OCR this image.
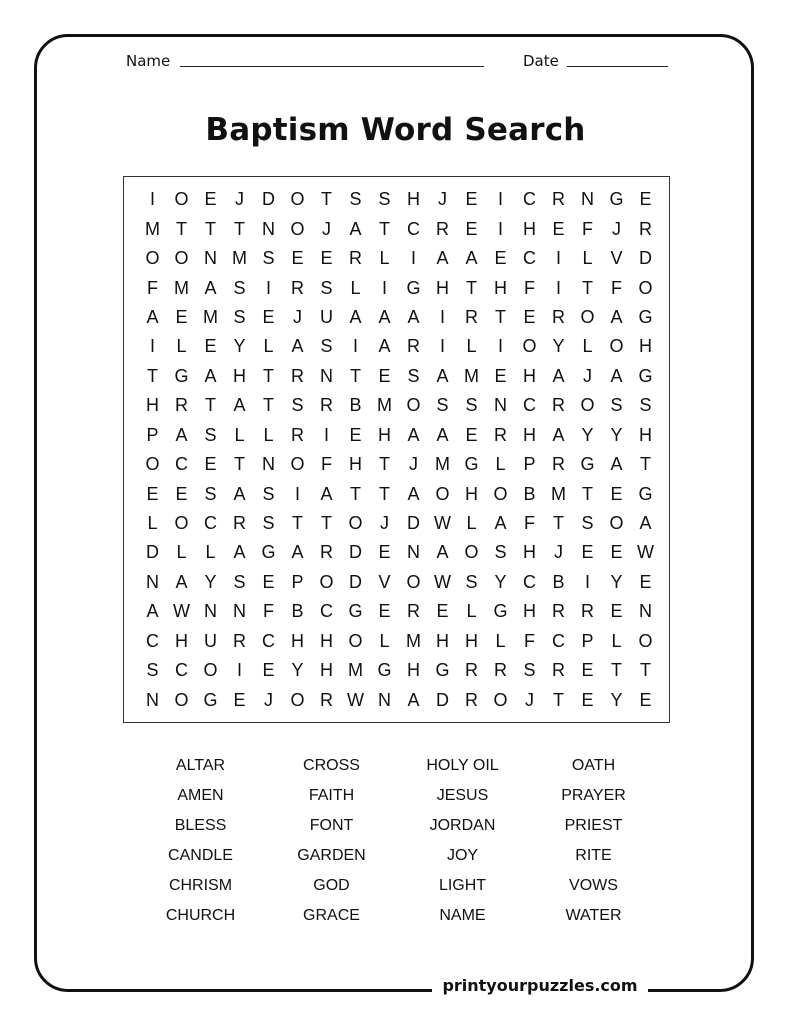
Name	Date
Baptism Word Search
I	O E	J	D O T S S H	J	E	I	C R N G E
M T	T	T N O J	A T C R E	I	H E F	J	R
O O N M S E E R L	I	A A E C	I	L V D
F M A S	I	R S L	I	G H T H F	I	T	F O
A E M S E	J	U A A A	I	R T E R O A G
I	L E Y L A S	I	A R	I	L	I	O Y L O H
T G A H T R N T E S A M E H A	J	A G
H R T A T S R B M O S S N C R O S S
P A S L	L R	I	E H A A E R H A Y Y H
O C E T N O F H T	J M G L P R G A T
E E S A S	I	A T	T A O H O B M T E G
L O C R S T	T O J	D W L A F	T S O A
D L	L A G A R D E N A O S H	J	E E W
N A Y S E P O D V O W S Y C B	I	Y E
A W N N F B C G E R E L G H R R E N
C H U R C H H O L M H H L	F C P L O
S C O	I	E Y H M G H G R R S R E T	T
N O G E	J O R W N A D R O J	T E Y E
ALTAR	CROSS	HOLY OIL	OATH
AMEN	FAITH	JESUS	PRAYER
BLESS	FONT	JORDAN	PRIEST
CANDLE	GARDEN	JOY	RITE
CHRISM	GOD	LIGHT	VOWS
CHURCH	GRACE	NAME	WATER
printyourpuzzles.com
